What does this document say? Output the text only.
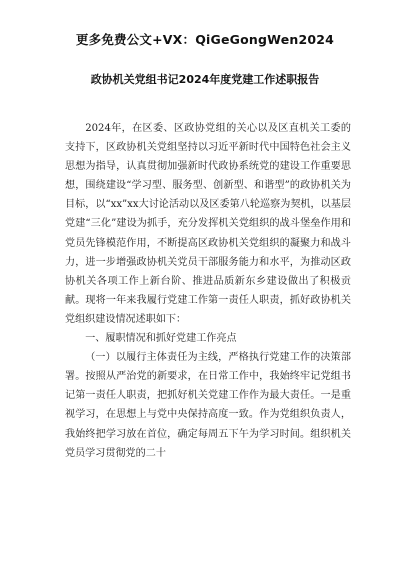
更多免费公文+VX：QiGeGongWen2024
政协机关党组书记2024年度党建工作述职报告

2024年，在区委、区政协党组的关心以及区直机关工委的支持下，区政协机关党组坚持以习近平新时代中国特色社会主义思想为指导，认真贯彻加强新时代政协系统党的建设工作重要思想，围绕建设“学习型、服务型、创新型、和谐型”的政协机关为目标，以“xx”xx大讨论活动以及区委第八轮巡察为契机，以基层党建“三化”建设为抓手，充分发挥机关党组织的战斗堡垒作用和党员先锋模范作用，不断提高区政协机关党组织的凝聚力和战斗力，进一步增强政协机关党员干部服务能力和水平，为推动区政协机关各项工作上新台阶、推进品质新东乡建设做出了积极贡献。现将一年来我履行党建工作第一责任人职责，抓好政协机关党组织建设情况述职如下：

一、履职情况和抓好党建工作亮点

（一）以履行主体责任为主线，严格执行党建工作的决策部署。按照从严治党的新要求，在日常工作中，我始终牢记党组书记第一责任人职责，把抓好机关党建工作作为最大责任。一是重视学习，在思想上与党中央保持高度一致。作为党组织负责人，我始终把学习放在首位，确定每周五下午为学习时间。组织机关党员学习贯彻党的二十
